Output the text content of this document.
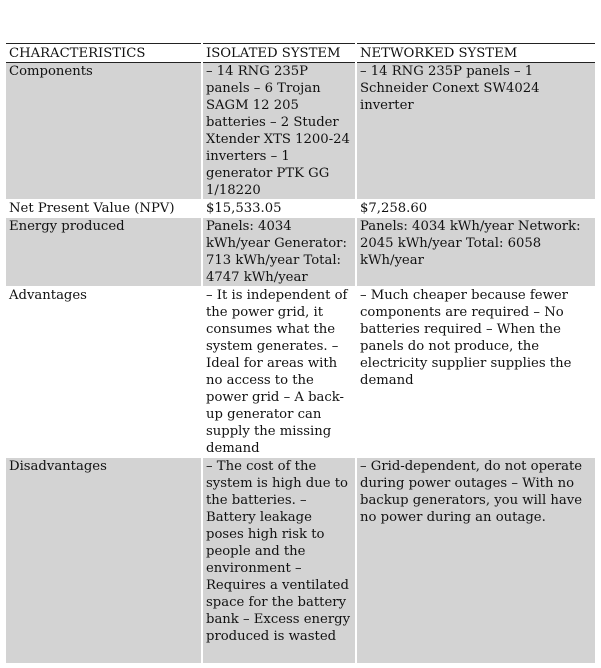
CHARACTERISTICS	ISOLATED SYSTEM	NETWORKED SYSTEM
Components	– 14 RNG 235P panels – 6 Trojan SAGM 12 205 batteries – 2 Studer Xtender XTS 1200-24 inverters – 1 generator PTK GG 1/18220	– 14 RNG 235P panels – 1 Schneider Conext SW4024 inverter
Net Present Value (NPV)	$15,533.05	$7,258.60
Energy produced	Panels: 4034 kWh/year Generator: 713 kWh/year Total: 4747 kWh/year	Panels: 4034 kWh/year Network: 2045 kWh/year Total: 6058 kWh/year
Advantages	– It is independent of the power grid, it consumes what the system generates. – Ideal for areas with no access to the power grid – A back-up generator can supply the missing demand	– Much cheaper because fewer components are required – No batteries required – When the panels do not produce, the electricity supplier supplies the demand
Disadvantages	– The cost of the system is high due to the batteries. – Battery leakage poses high risk to people and the environment – Requires a ventilated space for the battery bank – Excess energy produced is wasted	– Grid-dependent, do not operate during power outages – With no backup generators, you will have no power during an outage.
